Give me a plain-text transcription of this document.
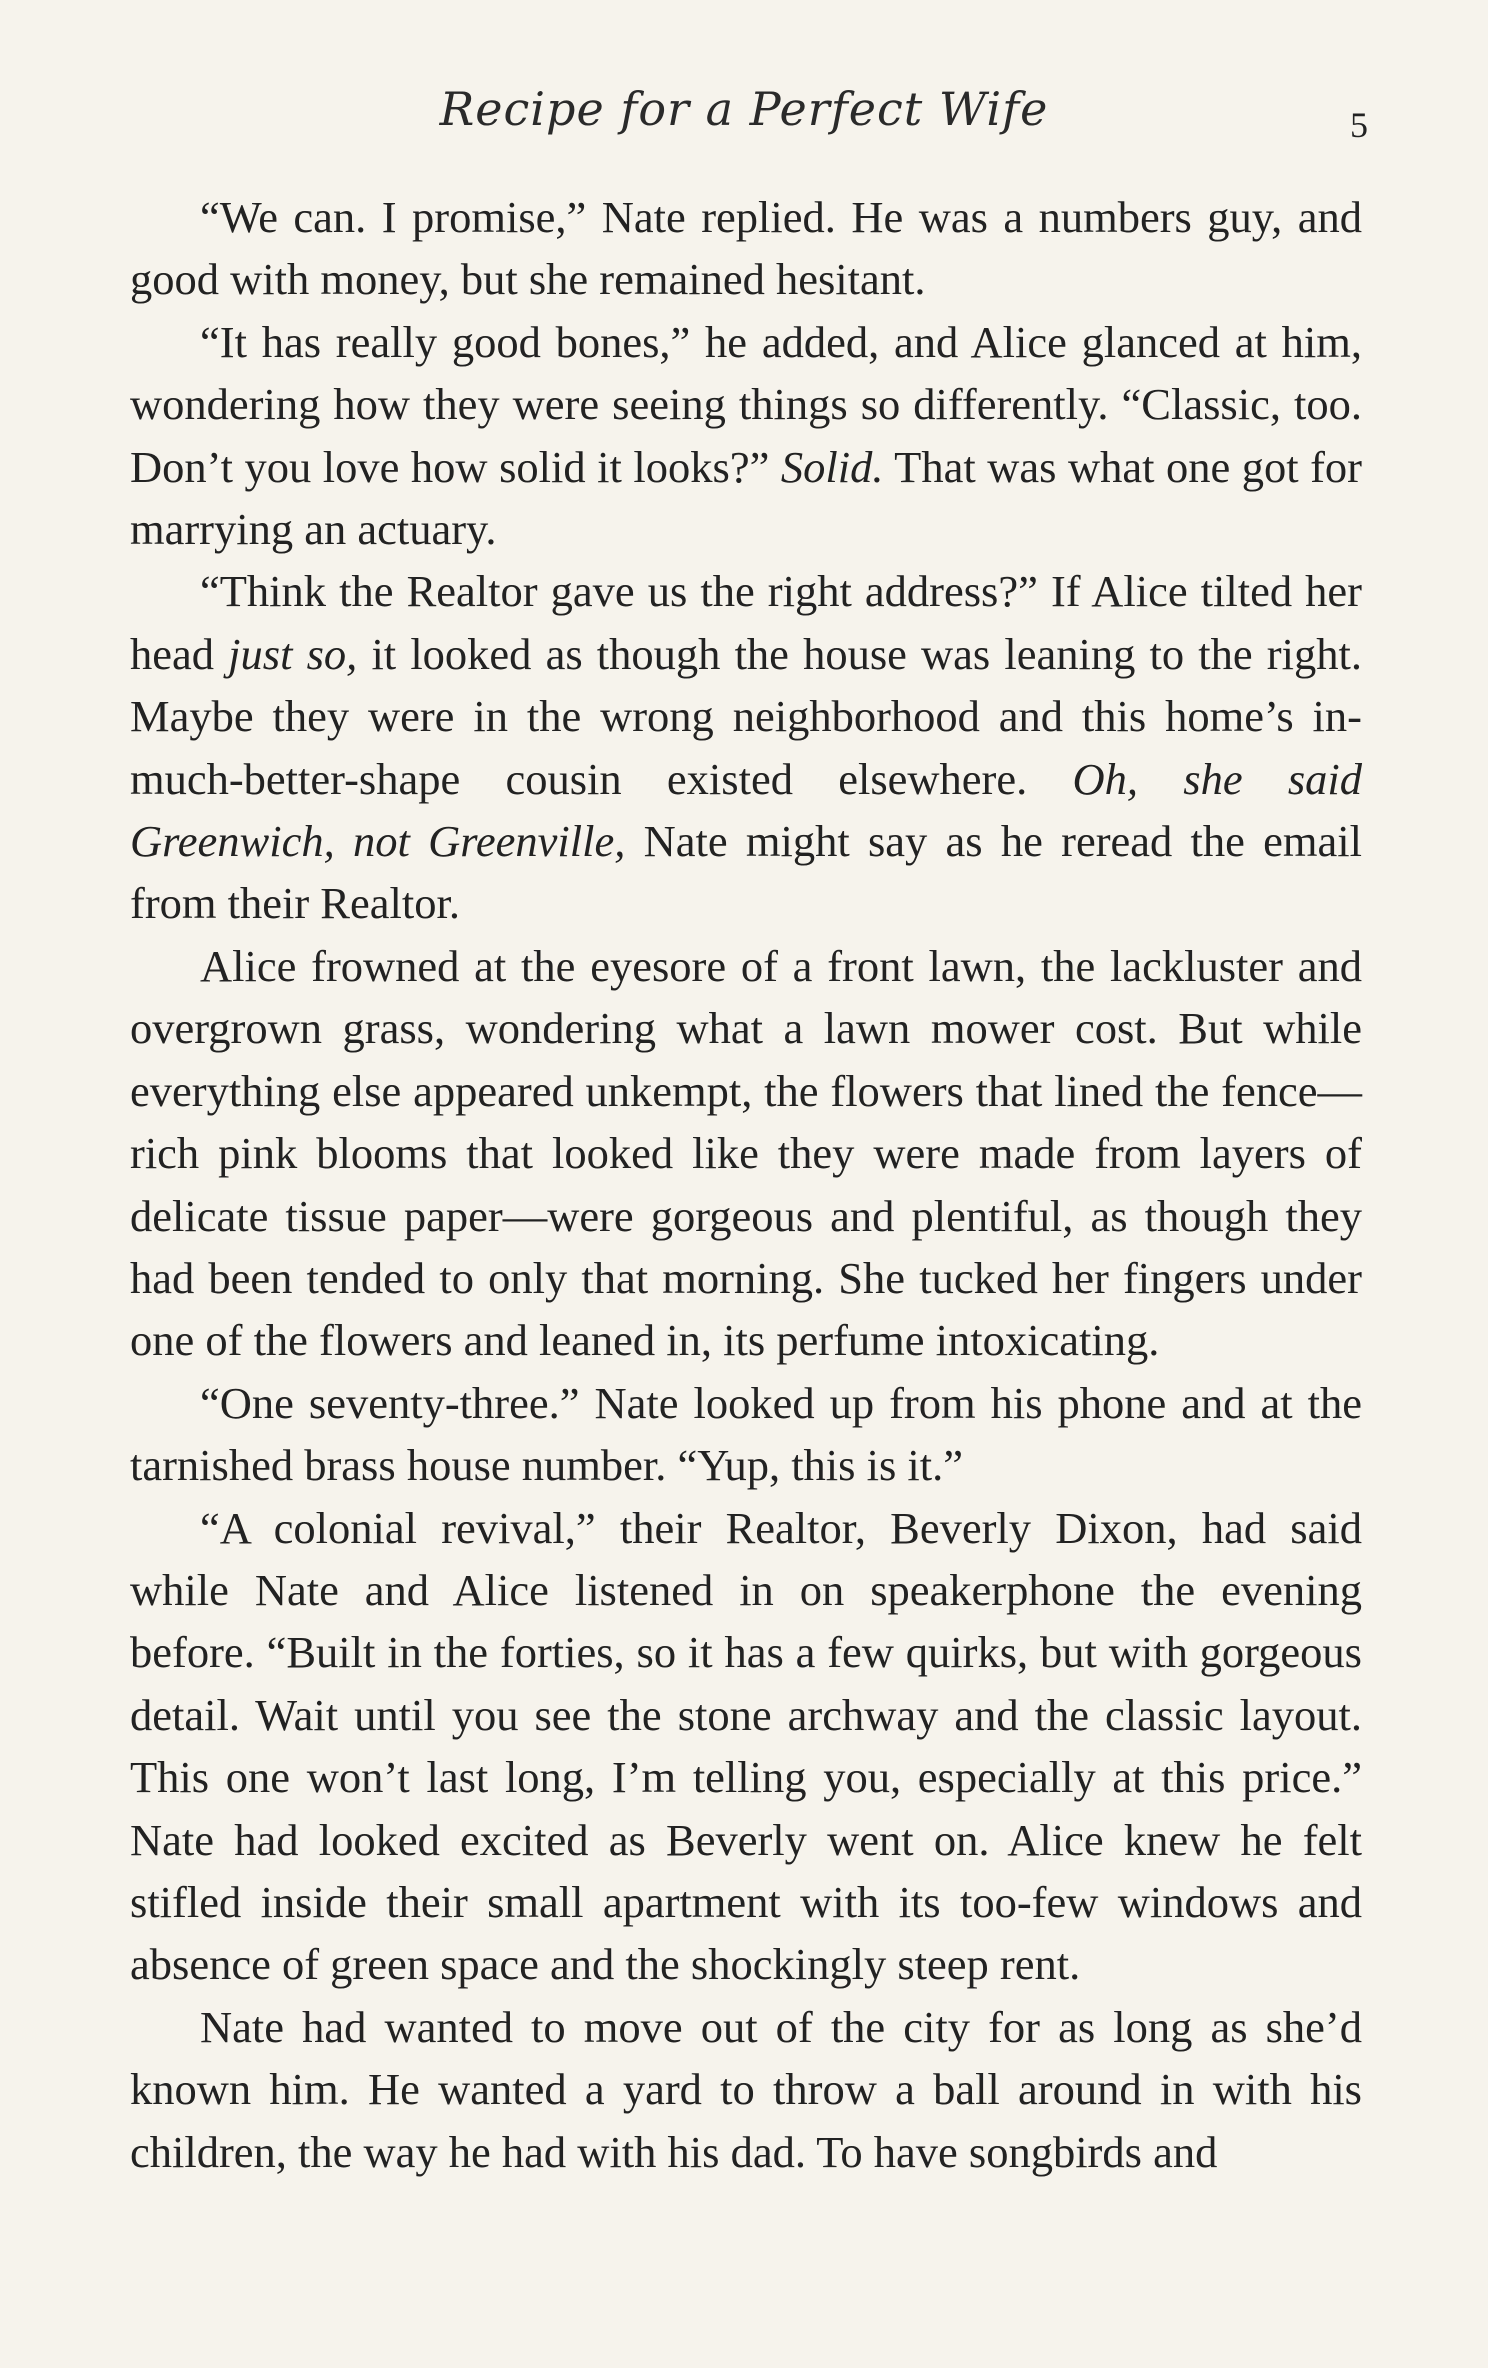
Recipe for a Perfect Wife	5

“We can. I promise,” Nate replied. He was a numbers guy, and good with money, but she remained hesitant.

“It has really good bones,” he added, and Alice glanced at him, wondering how they were seeing things so differently. “Classic, too. Don’t you love how solid it looks?” Solid. That was what one got for marrying an actuary.

“Think the Realtor gave us the right address?” If Alice tilted her head just so, it looked as though the house was leaning to the right. Maybe they were in the wrong neighborhood and this home’s in-much-better-shape cousin existed elsewhere. Oh, she said Greenwich, not Greenville, Nate might say as he reread the email from their Realtor.

Alice frowned at the eyesore of a front lawn, the lackluster and overgrown grass, wondering what a lawn mower cost. But while everything else appeared unkempt, the flowers that lined the fence—rich pink blooms that looked like they were made from layers of delicate tissue paper—were gorgeous and plentiful, as though they had been tended to only that morning. She tucked her fingers under one of the flowers and leaned in, its perfume intoxicating.

“One seventy-three.” Nate looked up from his phone and at the tarnished brass house number. “Yup, this is it.”

“A colonial revival,” their Realtor, Beverly Dixon, had said while Nate and Alice listened in on speakerphone the evening before. “Built in the forties, so it has a few quirks, but with gorgeous detail. Wait until you see the stone archway and the classic layout. This one won’t last long, I’m telling you, especially at this price.” Nate had looked excited as Beverly went on. Alice knew he felt stifled inside their small apartment with its too-few windows and absence of green space and the shockingly steep rent.

Nate had wanted to move out of the city for as long as she’d known him. He wanted a yard to throw a ball around in with his children, the way he had with his dad. To have songbirds and
